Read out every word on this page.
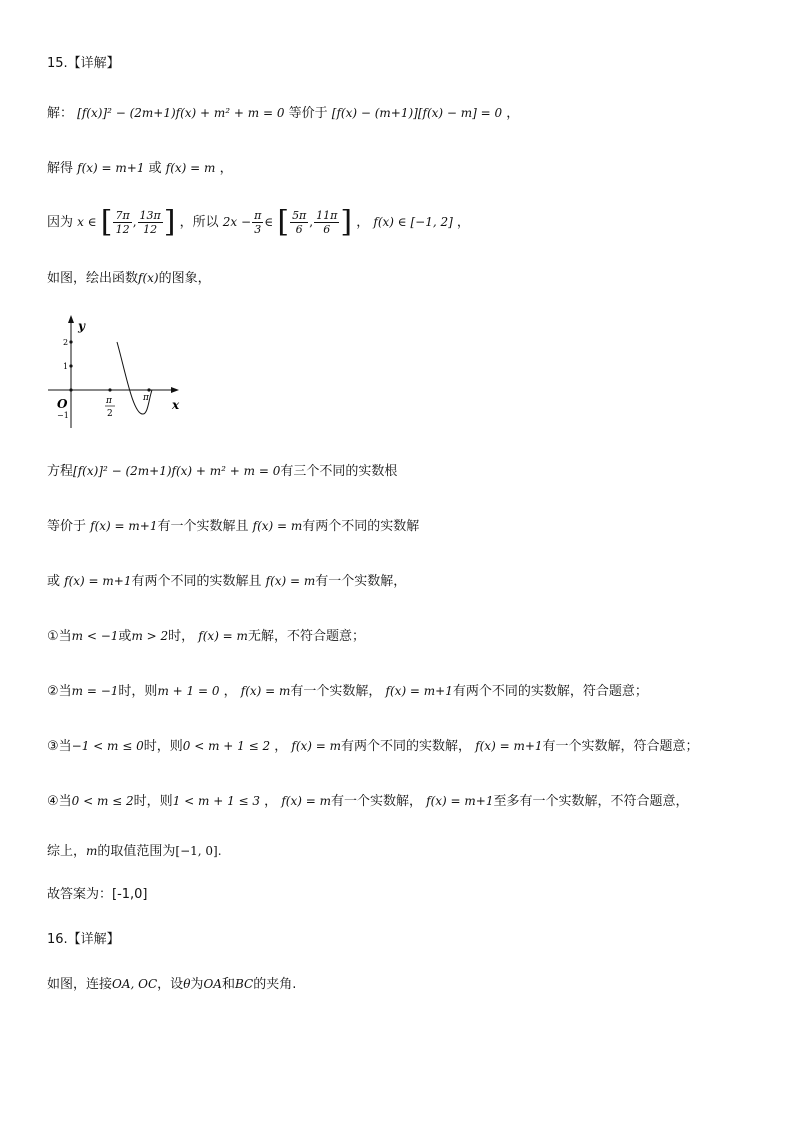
15.【详解】
解： [f(x)]² − (2m+1)f(x) + m² + m = 0 等价于 [f(x) − (m+1)][f(x) − m] = 0 ，
解得 f(x) = m+1 或 f(x) = m ，
因为 x ∈ [ $\frac{7\pi}{12}$ , $\frac{13\pi}{12}$ ] ，所以 $2x - \frac{\pi}{3}$ ∈ [ $\frac{5\pi}{6}$ , $\frac{11\pi}{6}$ ] ， f(x) ∈ [−1, 2] ，
如图，绘出函数f(x)的图象，
y
x
O
2
1
−1
π
2
π
方程[f(x)]² − (2m+1)f(x) + m² + m = 0有三个不同的实数根
等价于 f(x) = m+1有一个实数解且 f(x) = m有两个不同的实数解
或 f(x) = m+1有两个不同的实数解且 f(x) = m有一个实数解，
①当m < −1或m > 2时， f(x) = m无解，不符合题意；
②当m = −1时，则m + 1 = 0 ， f(x) = m有一个实数解， f(x) = m+1有两个不同的实数解，符合题意；
③当−1 < m ≤ 0时，则0 < m + 1 ≤ 2 ， f(x) = m有两个不同的实数解， f(x) = m+1有一个实数解，符合题意；
④当0 < m ≤ 2时，则1 < m + 1 ≤ 3 ， f(x) = m有一个实数解， f(x) = m+1至多有一个实数解，不符合题意，
综上，m的取值范围为[−1, 0].
故答案为：[-1,0]
16.【详解】
如图，连接OA, OC，设θ为OA和BC的夹角.
